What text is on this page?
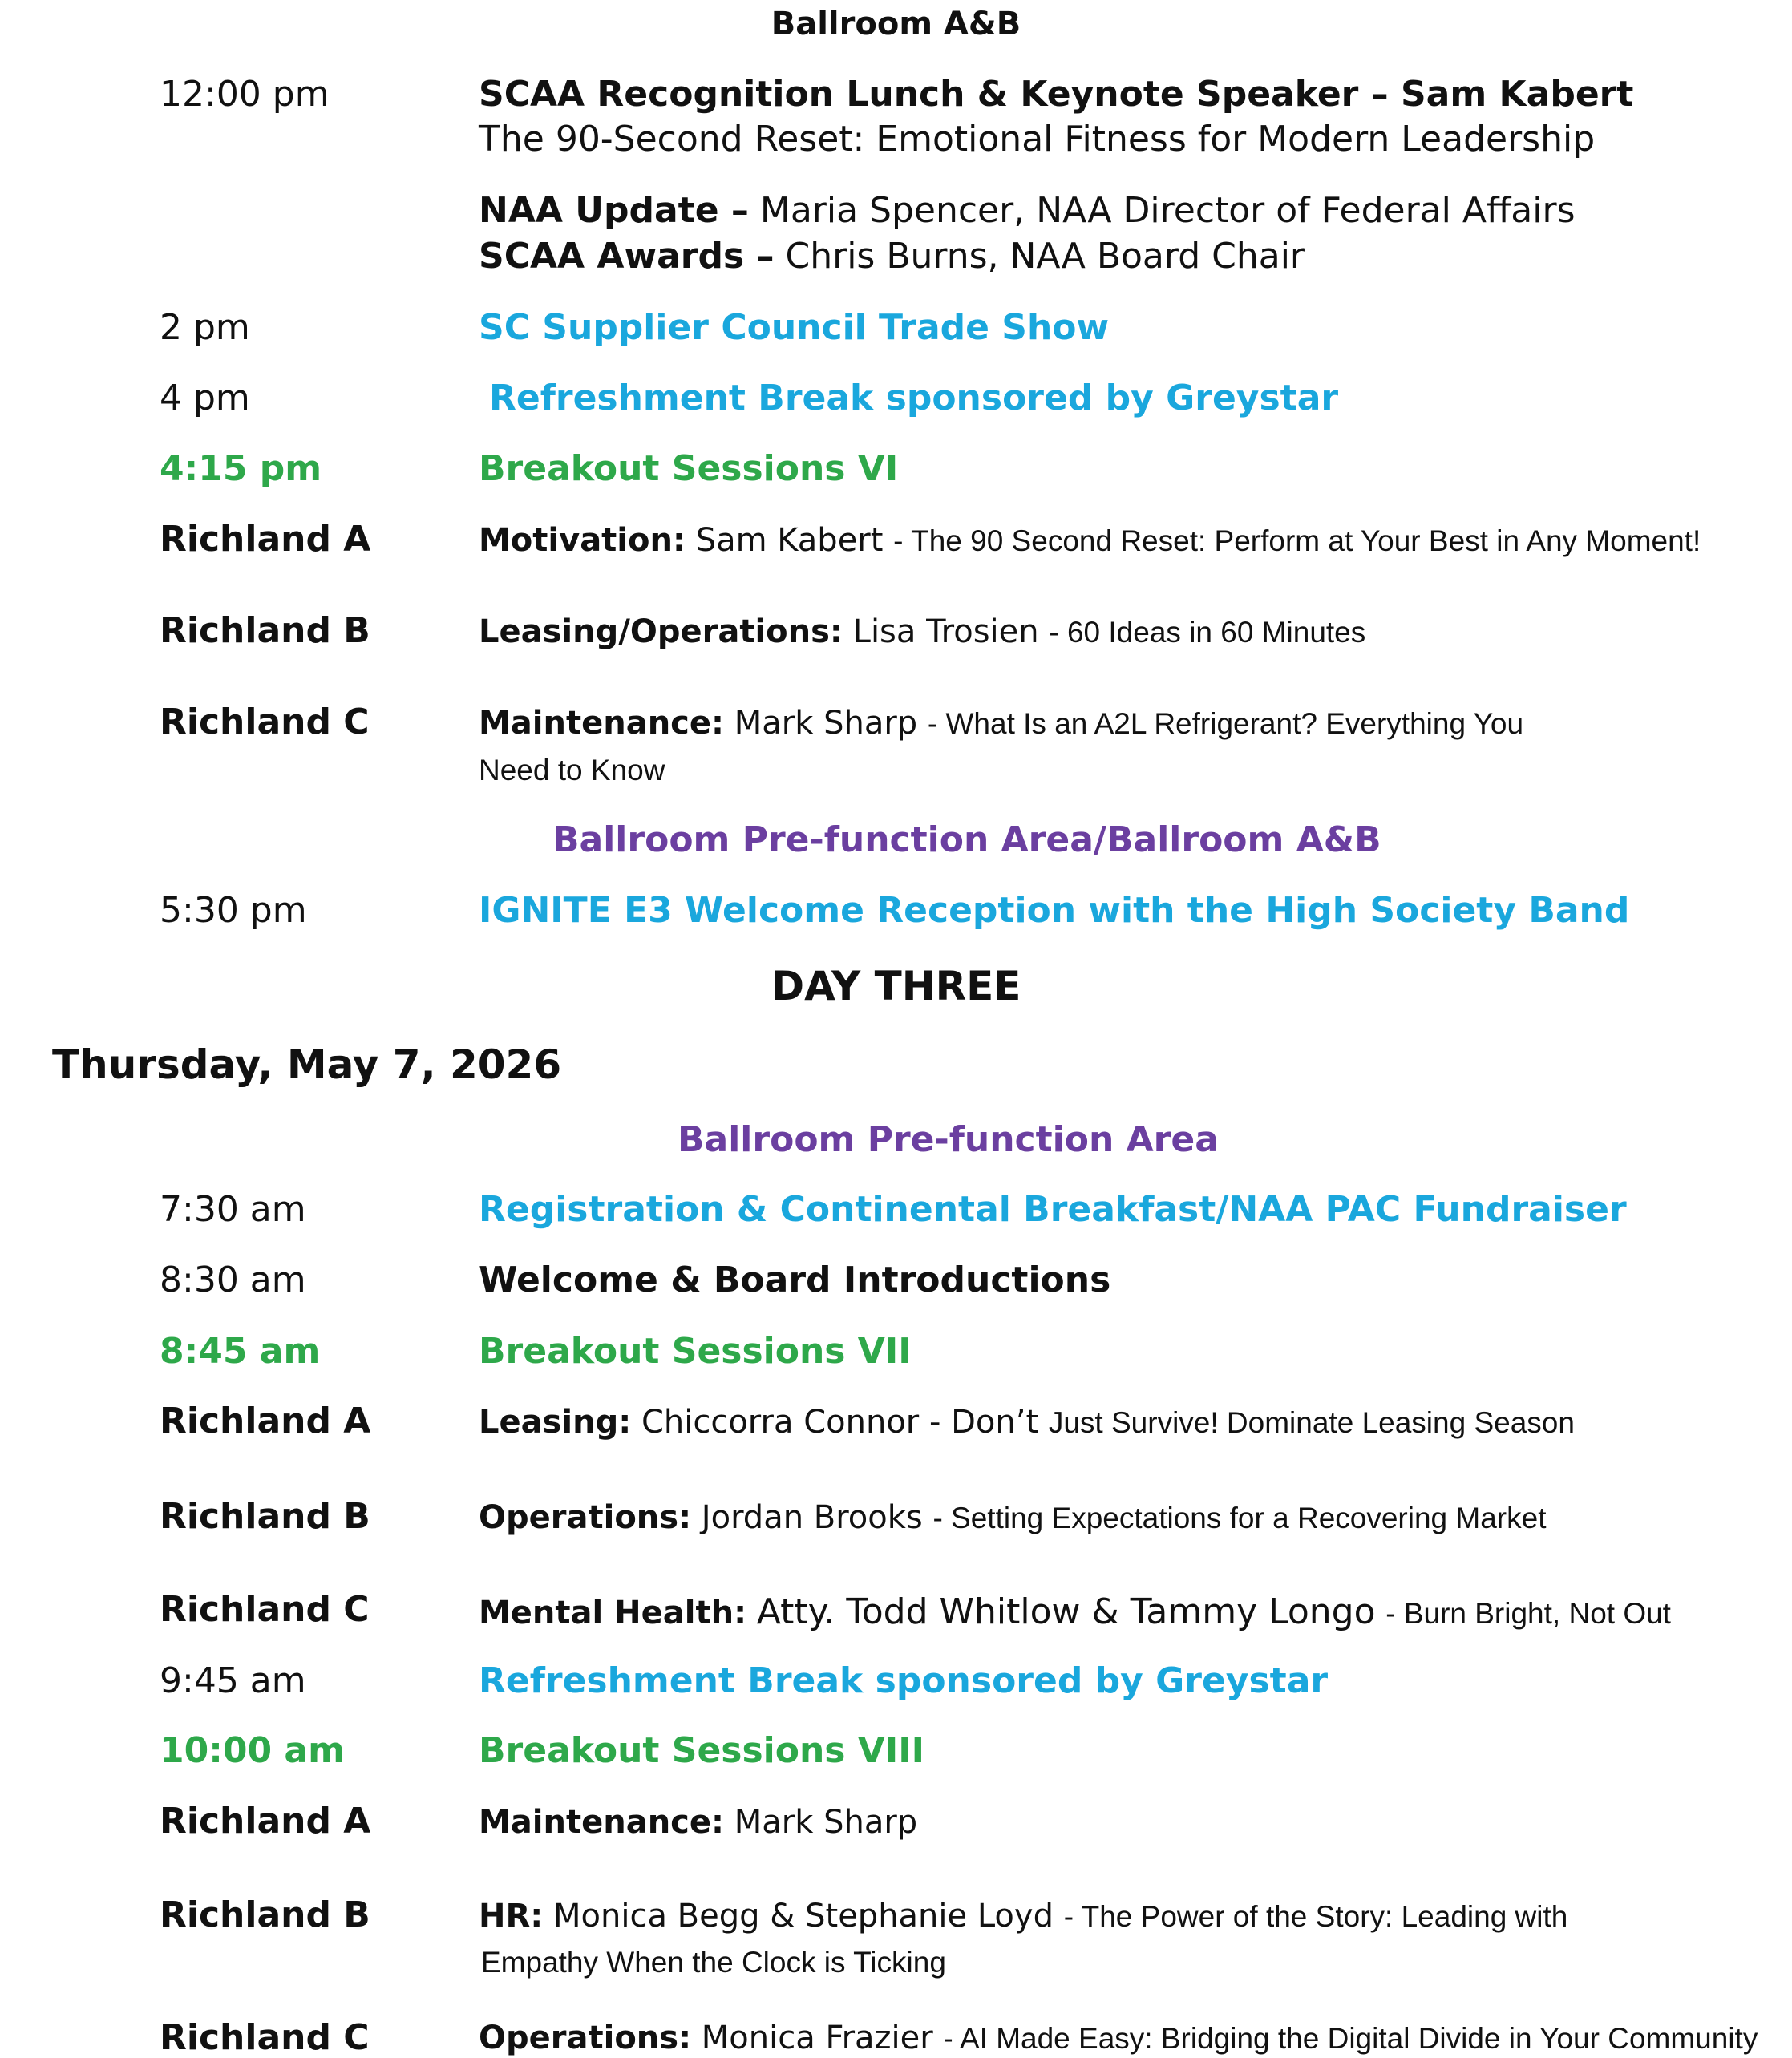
Ballroom A&B
12:00 pm	SCAA Recognition Lunch & Keynote Speaker – Sam Kabert
The 90-Second Reset: Emotional Fitness for Modern Leadership
NAA Update – Maria Spencer, NAA Director of Federal Affairs
SCAA Awards – Chris Burns, NAA Board Chair
2 pm	SC Supplier Council Trade Show
4 pm	Refreshment Break sponsored by Greystar
4:15 pm	Breakout Sessions VI
Richland A	Motivation: Sam Kabert - The 90 Second Reset: Perform at Your Best in Any Moment!
Richland B	Leasing/Operations: Lisa Trosien - 60 Ideas in 60 Minutes
Richland C	Maintenance: Mark Sharp - What Is an A2L Refrigerant? Everything You
Need to Know
Ballroom Pre-function Area/Ballroom A&B
5:30 pm	IGNITE E3 Welcome Reception with the High Society Band
DAY THREE
Thursday, May 7, 2026
Ballroom Pre-function Area
7:30 am	Registration & Continental Breakfast/NAA PAC Fundraiser
8:30 am	Welcome & Board Introductions
8:45 am	Breakout Sessions VII
Richland A	Leasing: Chiccorra Connor - Don’t Just Survive! Dominate Leasing Season
Richland B	Operations: Jordan Brooks - Setting Expectations for a Recovering Market
Richland C	Mental Health: Atty. Todd Whitlow & Tammy Longo - Burn Bright, Not Out
9:45 am	Refreshment Break sponsored by Greystar
10:00 am	Breakout Sessions VIII
Richland A	Maintenance: Mark Sharp
Richland B	HR: Monica Begg & Stephanie Loyd - The Power of the Story: Leading with
Empathy When the Clock is Ticking
Richland C	Operations: Monica Frazier - AI Made Easy: Bridging the Digital Divide in Your Community
